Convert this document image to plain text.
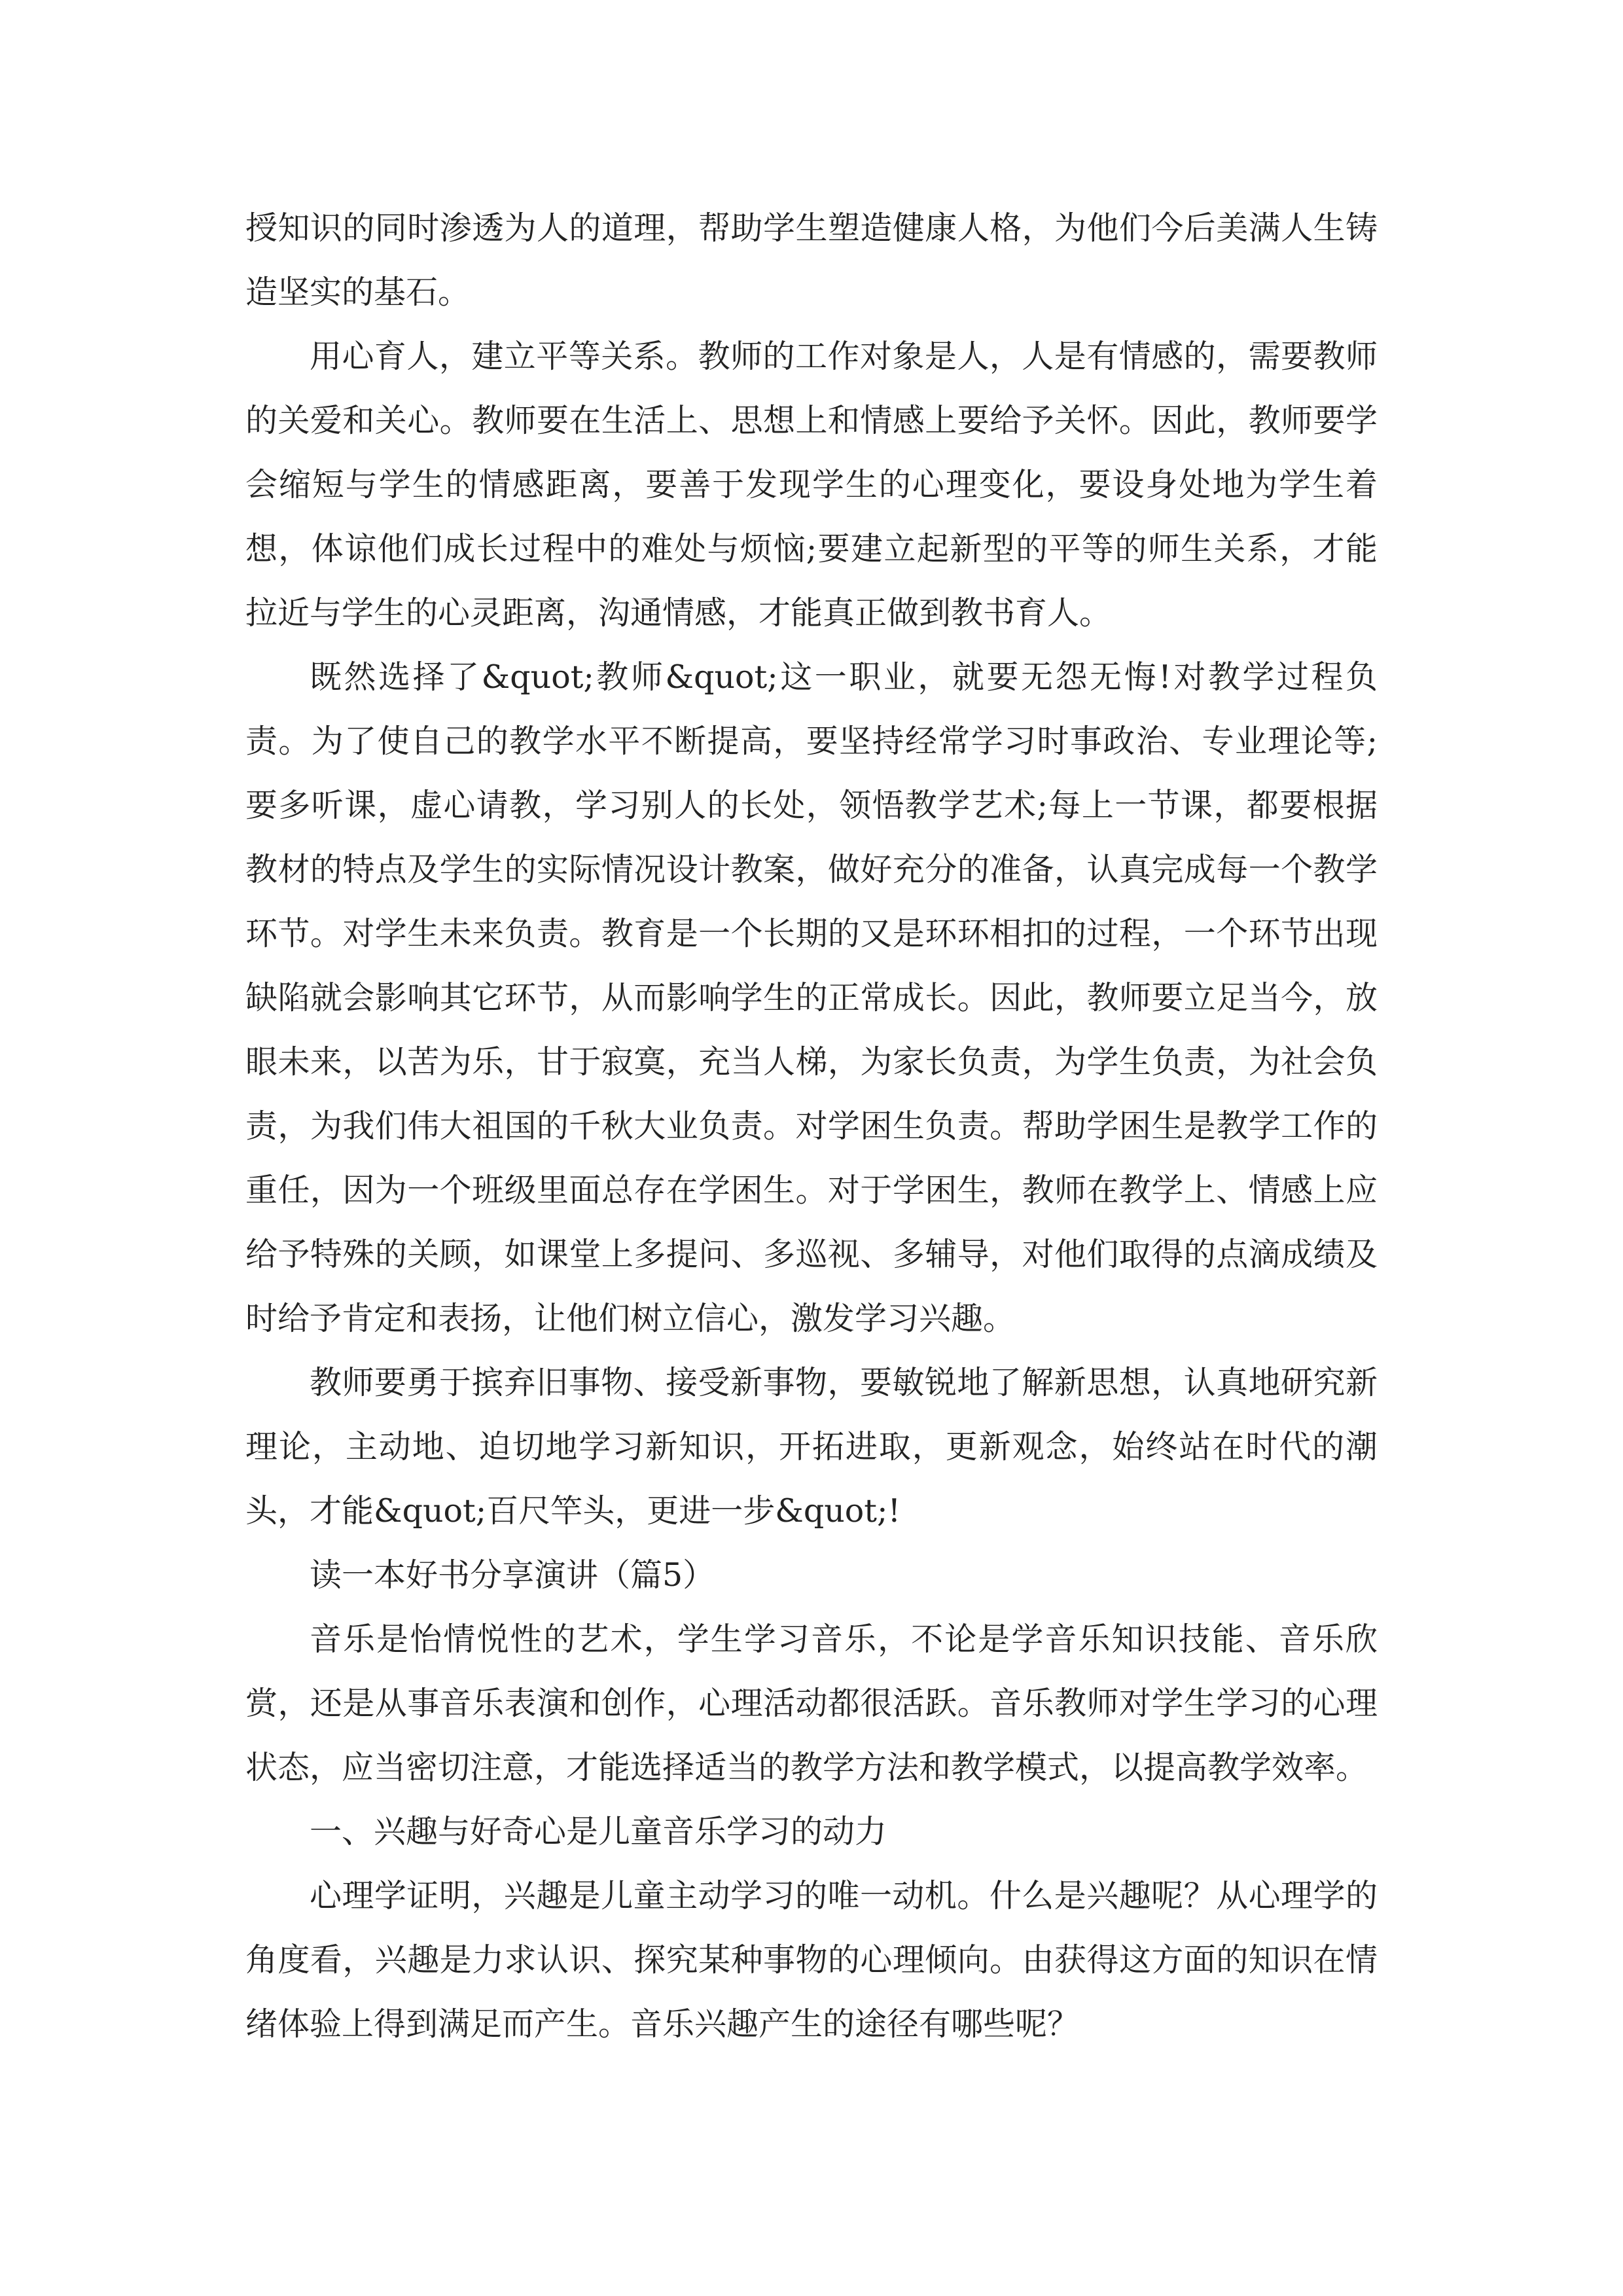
授知识的同时渗透为人的道理，帮助学生塑造健康人格，为他们今后美满人生铸造坚实的基石。

用心育人，建立平等关系。教师的工作对象是人，人是有情感的，需要教师的关爱和关心。教师要在生活上、思想上和情感上要给予关怀。因此，教师要学会缩短与学生的情感距离，要善于发现学生的心理变化，要设身处地为学生着想，体谅他们成长过程中的难处与烦恼;要建立起新型的平等的师生关系，才能拉近与学生的心灵距离，沟通情感，才能真正做到教书育人。

既然选择了&quot;教师&quot;这一职业，就要无怨无悔!对教学过程负责。为了使自己的教学水平不断提高，要坚持经常学习时事政治、专业理论等;要多听课，虚心请教，学习别人的长处，领悟教学艺术;每上一节课，都要根据教材的特点及学生的实际情况设计教案，做好充分的准备，认真完成每一个教学环节。对学生未来负责。教育是一个长期的又是环环相扣的过程，一个环节出现缺陷就会影响其它环节，从而影响学生的正常成长。因此，教师要立足当今，放眼未来，以苦为乐，甘于寂寞，充当人梯，为家长负责，为学生负责，为社会负责，为我们伟大祖国的千秋大业负责。对学困生负责。帮助学困生是教学工作的重任，因为一个班级里面总存在学困生。对于学困生，教师在教学上、情感上应给予特殊的关顾，如课堂上多提问、多巡视、多辅导，对他们取得的点滴成绩及时给予肯定和表扬，让他们树立信心，激发学习兴趣。

教师要勇于摈弃旧事物、接受新事物，要敏锐地了解新思想，认真地研究新理论，主动地、迫切地学习新知识，开拓进取，更新观念，始终站在时代的潮头，才能&quot;百尺竿头，更进一步&quot;!

读一本好书分享演讲（篇5）

音乐是怡情悦性的艺术，学生学习音乐，不论是学音乐知识技能、音乐欣赏，还是从事音乐表演和创作，心理活动都很活跃。音乐教师对学生学习的心理状态，应当密切注意，才能选择适当的教学方法和教学模式，以提高教学效率。

一、兴趣与好奇心是儿童音乐学习的动力

心理学证明，兴趣是儿童主动学习的唯一动机。什么是兴趣呢？从心理学的角度看，兴趣是力求认识、探究某种事物的心理倾向。由获得这方面的知识在情绪体验上得到满足而产生。音乐兴趣产生的途径有哪些呢？
